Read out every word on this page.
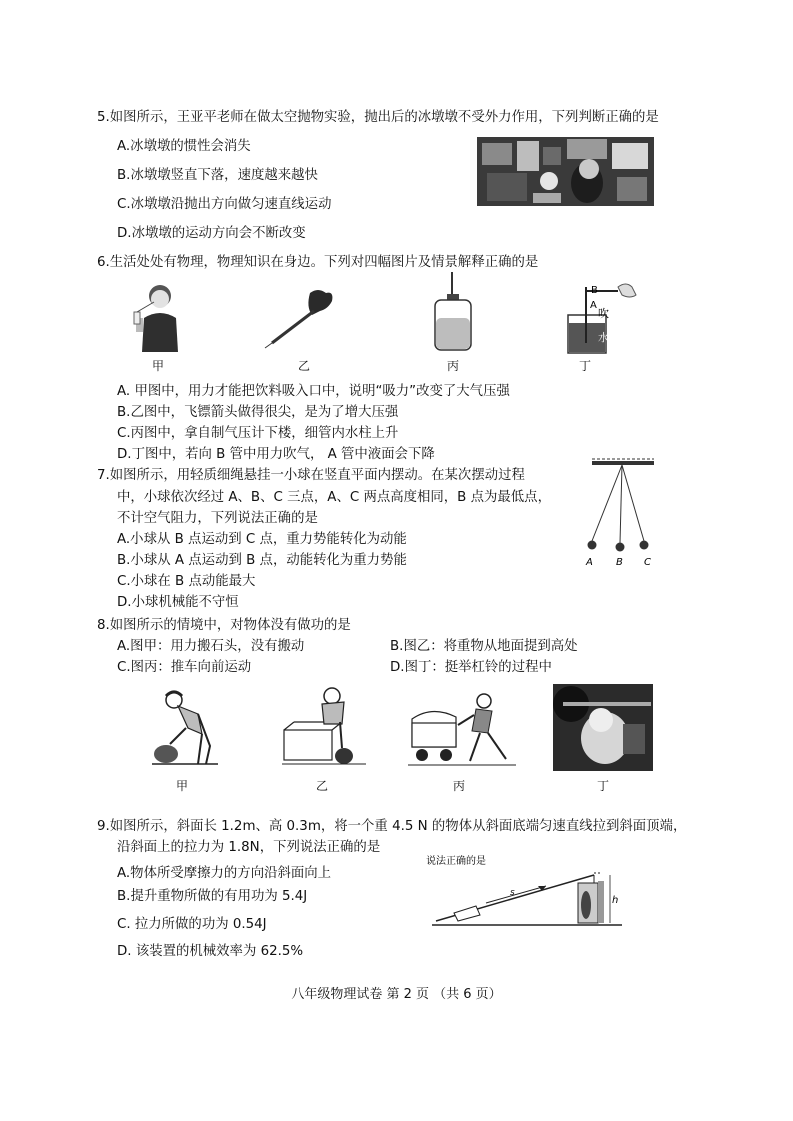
5.如图所示，王亚平老师在做太空抛物实验，抛出后的冰墩墩不受外力作用，下列判断正确的是
A.冰墩墩的惯性会消失
B.冰墩墩竖直下落，速度越来越快
C.冰墩墩沿抛出方向做匀速直线运动
D.冰墩墩的运动方向会不断改变
6.生活处处有物理，物理知识在身边。下列对四幅图片及情景解释正确的是
甲	乙	丙
B
A
吹
水
丁
A. 甲图中，用力才能把饮料吸入口中，说明“吸力”改变了大气压强
B.乙图中，飞镖箭头做得很尖，是为了增大压强
C.丙图中，拿自制气压计下楼，细管内水柱上升
D.丁图中，若向 B 管中用力吹气， A 管中液面会下降
7.如图所示，用轻质细绳悬挂一小球在竖直平面内摆动。在某次摆动过程
中，小球依次经过 A、B、C 三点，A、C 两点高度相同，B 点为最低点，
不计空气阻力，下列说法正确的是
A.小球从 B 点运动到 C 点，重力势能转化为动能
B.小球从 A 点运动到 B 点，动能转化为重力势能
C.小球在 B 点动能最大
D.小球机械能不守恒
A B C
8.如图所示的情境中，对物体没有做功的是
A.图甲：用力搬石头，没有搬动	B.图乙：将重物从地面提到高处
C.图丙：推车向前运动	D.图丁：挺举杠铃的过程中
甲	乙	丙	丁
9.如图所示，斜面长 1.2m、高 0.3m，将一个重 4.5 N 的物体从斜面底端匀速直线拉到斜面顶端，
沿斜面上的拉力为 1.8N，下列说法正确的是
A.物体所受摩擦力的方向沿斜面向上
B.提升重物所做的有用功为 5.4J
C. 拉力所做的功为 0.54J
D. 该装置的机械效率为 62.5%
说法正确的是
s
h
八年级物理试卷 第 2 页 （共 6 页）
